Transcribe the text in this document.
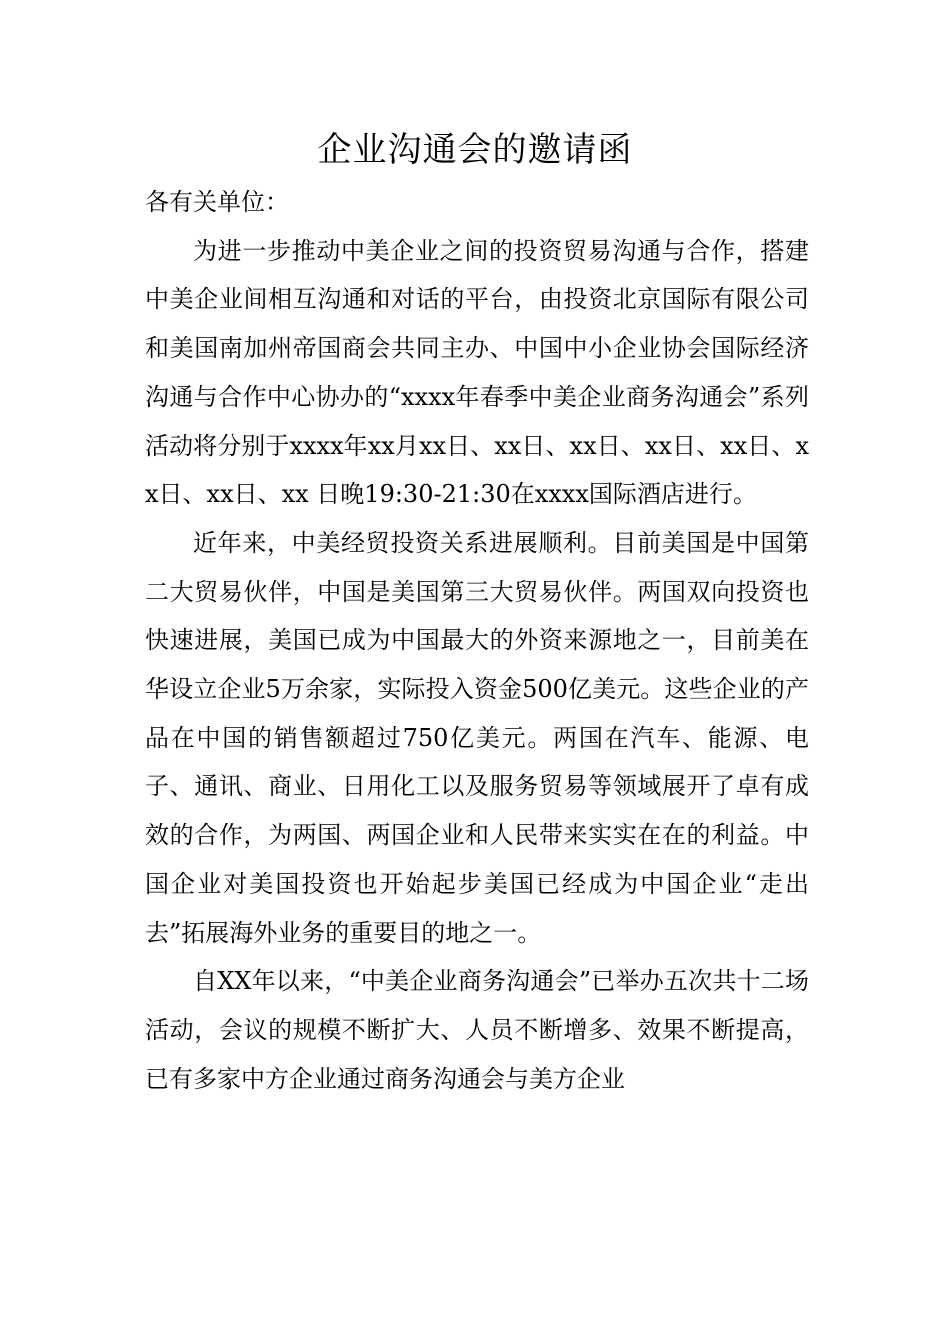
企业沟通会的邀请函

各有关单位：

为进一步推动中美企业之间的投资贸易沟通与合作，搭建中美企业间相互沟通和对话的平台，由投资北京国际有限公司和美国南加州帝国商会共同主办、中国中小企业协会国际经济沟通与合作中心协办的“xxxx年春季中美企业商务沟通会”系列活动将分别于xxxx年xx月xx日、xx日、xx日、xx日、xx日、xx日、xx日、xx 日晚19:30-21:30在xxxx国际酒店进行。

近年来，中美经贸投资关系进展顺利。目前美国是中国第二大贸易伙伴，中国是美国第三大贸易伙伴。两国双向投资也快速进展，美国已成为中国最大的外资来源地之一，目前美在华设立企业5万余家，实际投入资金500亿美元。这些企业的产品在中国的销售额超过750亿美元。两国在汽车、能源、电子、通讯、商业、日用化工以及服务贸易等领域展开了卓有成效的合作，为两国、两国企业和人民带来实实在在的利益。中国企业对美国投资也开始起步美国已经成为中国企业“走出去”拓展海外业务的重要目的地之一。

自XX年以来，“中美企业商务沟通会”已举办五次共十二场活动，会议的规模不断扩大、人员不断增多、效果不断提高，已有多家中方企业通过商务沟通会与美方企业
